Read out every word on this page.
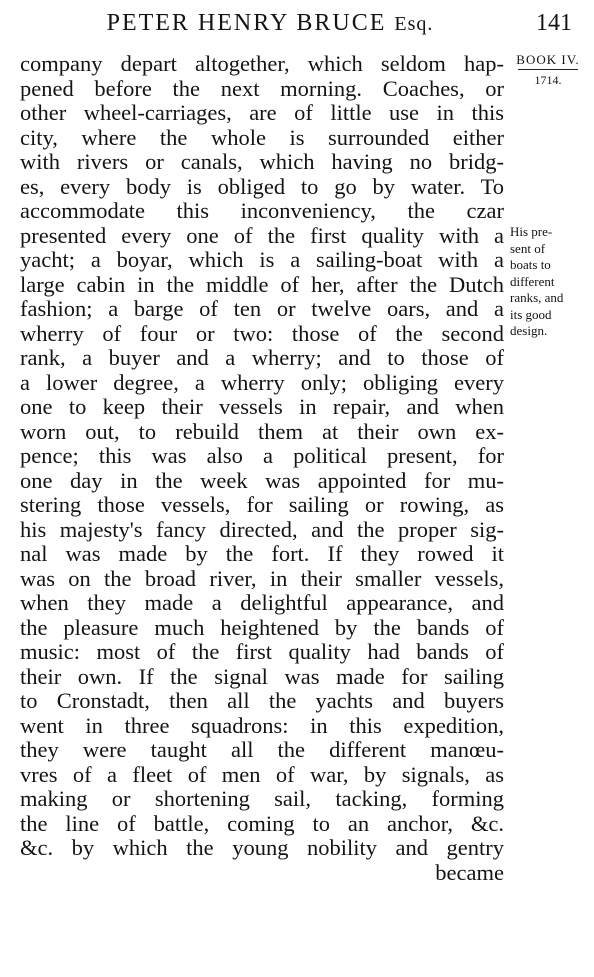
PETER HENRY BRUCE Esq.	141
BOOK IV.
1714.
His pre-
sent of
boats to
different
ranks, and
its good
design.
company depart altogether, which seldom hap-
pened before the next morning. Coaches, or
other wheel-carriages, are of little use in this
city, where the whole is surrounded either
with rivers or canals, which having no bridg-
es, every body is obliged to go by water. To
accommodate this inconveniency, the czar
presented every one of the first quality with a
yacht; a boyar, which is a sailing-boat with a
large cabin in the middle of her, after the Dutch
fashion; a barge of ten or twelve oars, and a
wherry of four or two: those of the second
rank, a buyer and a wherry; and to those of
a lower degree, a wherry only; obliging every
one to keep their vessels in repair, and when
worn out, to rebuild them at their own ex-
pence; this was also a political present, for
one day in the week was appointed for mu-
stering those vessels, for sailing or rowing, as
his majesty's fancy directed, and the proper sig-
nal was made by the fort. If they rowed it
was on the broad river, in their smaller vessels,
when they made a delightful appearance, and
the pleasure much heightened by the bands of
music: most of the first quality had bands of
their own. If the signal was made for sailing
to Cronstadt, then all the yachts and buyers
went in three squadrons: in this expedition,
they were taught all the different manœu-
vres of a fleet of men of war, by signals, as
making or shortening sail, tacking, forming
the line of battle, coming to an anchor, &c.
&c. by which the young nobility and gentry
became
